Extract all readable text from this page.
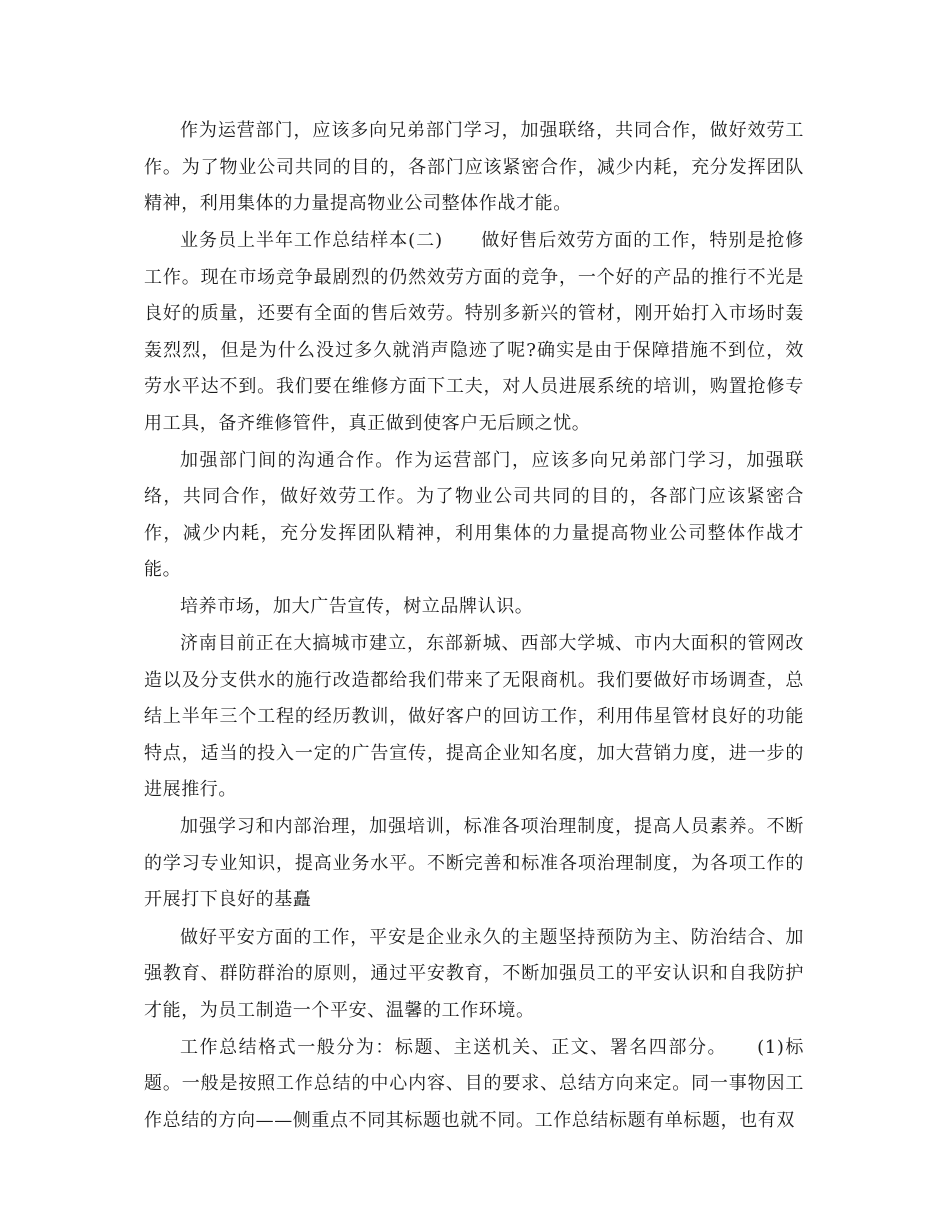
作为运营部门，应该多向兄弟部门学习，加强联络，共同合作，做好效劳工作。为了物业公司共同的目的，各部门应该紧密合作，减少内耗，充分发挥团队精神，利用集体的力量提高物业公司整体作战才能。

业务员上半年工作总结样本(二)　　做好售后效劳方面的工作，特别是抢修工作。现在市场竞争最剧烈的仍然效劳方面的竞争，一个好的产品的推行不光是良好的质量，还要有全面的售后效劳。特别多新兴的管材，刚开始打入市场时轰轰烈烈，但是为什么没过多久就消声隐迹了呢?确实是由于保障措施不到位，效劳水平达不到。我们要在维修方面下工夫，对人员进展系统的培训，购置抢修专用工具，备齐维修管件，真正做到使客户无后顾之忧。

加强部门间的沟通合作。作为运营部门，应该多向兄弟部门学习，加强联络，共同合作，做好效劳工作。为了物业公司共同的目的，各部门应该紧密合作，减少内耗，充分发挥团队精神，利用集体的力量提高物业公司整体作战才能。

培养市场，加大广告宣传，树立品牌认识。

济南目前正在大搞城市建立，东部新城、西部大学城、市内大面积的管网改造以及分支供水的施行改造都给我们带来了无限商机。我们要做好市场调查，总结上半年三个工程的经历教训，做好客户的回访工作，利用伟星管材良好的功能特点，适当的投入一定的广告宣传，提高企业知名度，加大营销力度，进一步的进展推行。

加强学习和内部治理，加强培训，标准各项治理制度，提高人员素养。不断的学习专业知识，提高业务水平。不断完善和标准各项治理制度，为各项工作的开展打下良好的基矗

做好平安方面的工作，平安是企业永久的主题坚持预防为主、防治结合、加强教育、群防群治的原则，通过平安教育，不断加强员工的平安认识和自我防护才能，为员工制造一个平安、温馨的工作环境。

工作总结格式一般分为：标题、主送机关、正文、署名四部分。　　(1)标题。一般是按照工作总结的中心内容、目的要求、总结方向来定。同一事物因工作总结的方向——侧重点不同其标题也就不同。工作总结标题有单标题，也有双
